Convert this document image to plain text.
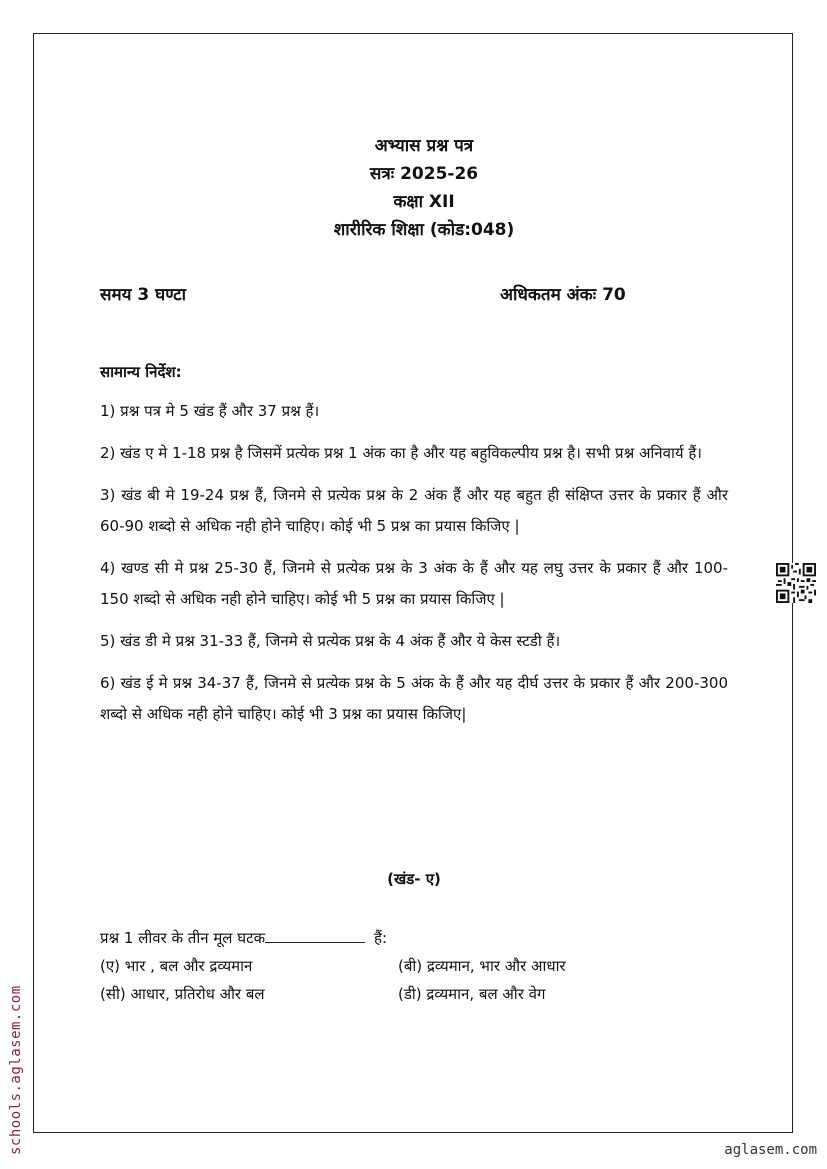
अभ्यास प्रश्न पत्र
सत्रः 2025-26
कक्षा XII
शारीरिक शिक्षा (कोड:048)
समय 3 घण्टा	अधिकतम अंकः 70
सामान्य निर्देश:

1) प्रश्न पत्र मे 5 खंड हैं और 37 प्रश्न हैं।

2) खंड ए मे 1-18 प्रश्न है जिसमें प्रत्येक प्रश्न 1 अंक का है और यह बहुविकल्पीय प्रश्न है। सभी प्रश्न अनिवार्य हैं।

3) खंड बी मे 19-24 प्रश्न हैं, जिनमे से प्रत्येक प्रश्न के 2 अंक हैं और यह बहुत ही संक्षिप्त उत्तर के प्रकार हैं और 60-90 शब्दो से अधिक नही होने चाहिए। कोई भी 5 प्रश्न का प्रयास किजिए |

4) खण्ड सी मे प्रश्न 25-30 हैं, जिनमे से प्रत्येक प्रश्न के 3 अंक के हैं और यह लघु उत्तर के प्रकार हैं और 100-150 शब्दो से अधिक नही होने चाहिए। कोई भी 5 प्रश्न का प्रयास किजिए |

5) खंड डी मे प्रश्न 31-33 हैं, जिनमे से प्रत्येक प्रश्न के 4 अंक हैं और ये केस स्टडी हैं।

6) खंड ई मे प्रश्न 34-37 हैं, जिनमे से प्रत्येक प्रश्न के 5 अंक के हैं और यह दीर्घ उत्तर के प्रकार हैं और 200-300 शब्दो से अधिक नही होने चाहिए। कोई भी 3 प्रश्न का प्रयास किजिए|

(खंड- ए)
प्रश्न 1 लीवर के तीन मूल घटक	हैं:
(ए) भार , बल और द्रव्यमान	(बी) द्रव्यमान, भार और आधार
(सी) आधार, प्रतिरोध और बल	(डी) द्रव्यमान, बल और वेग
schools.aglasem.com	aglasem.com
